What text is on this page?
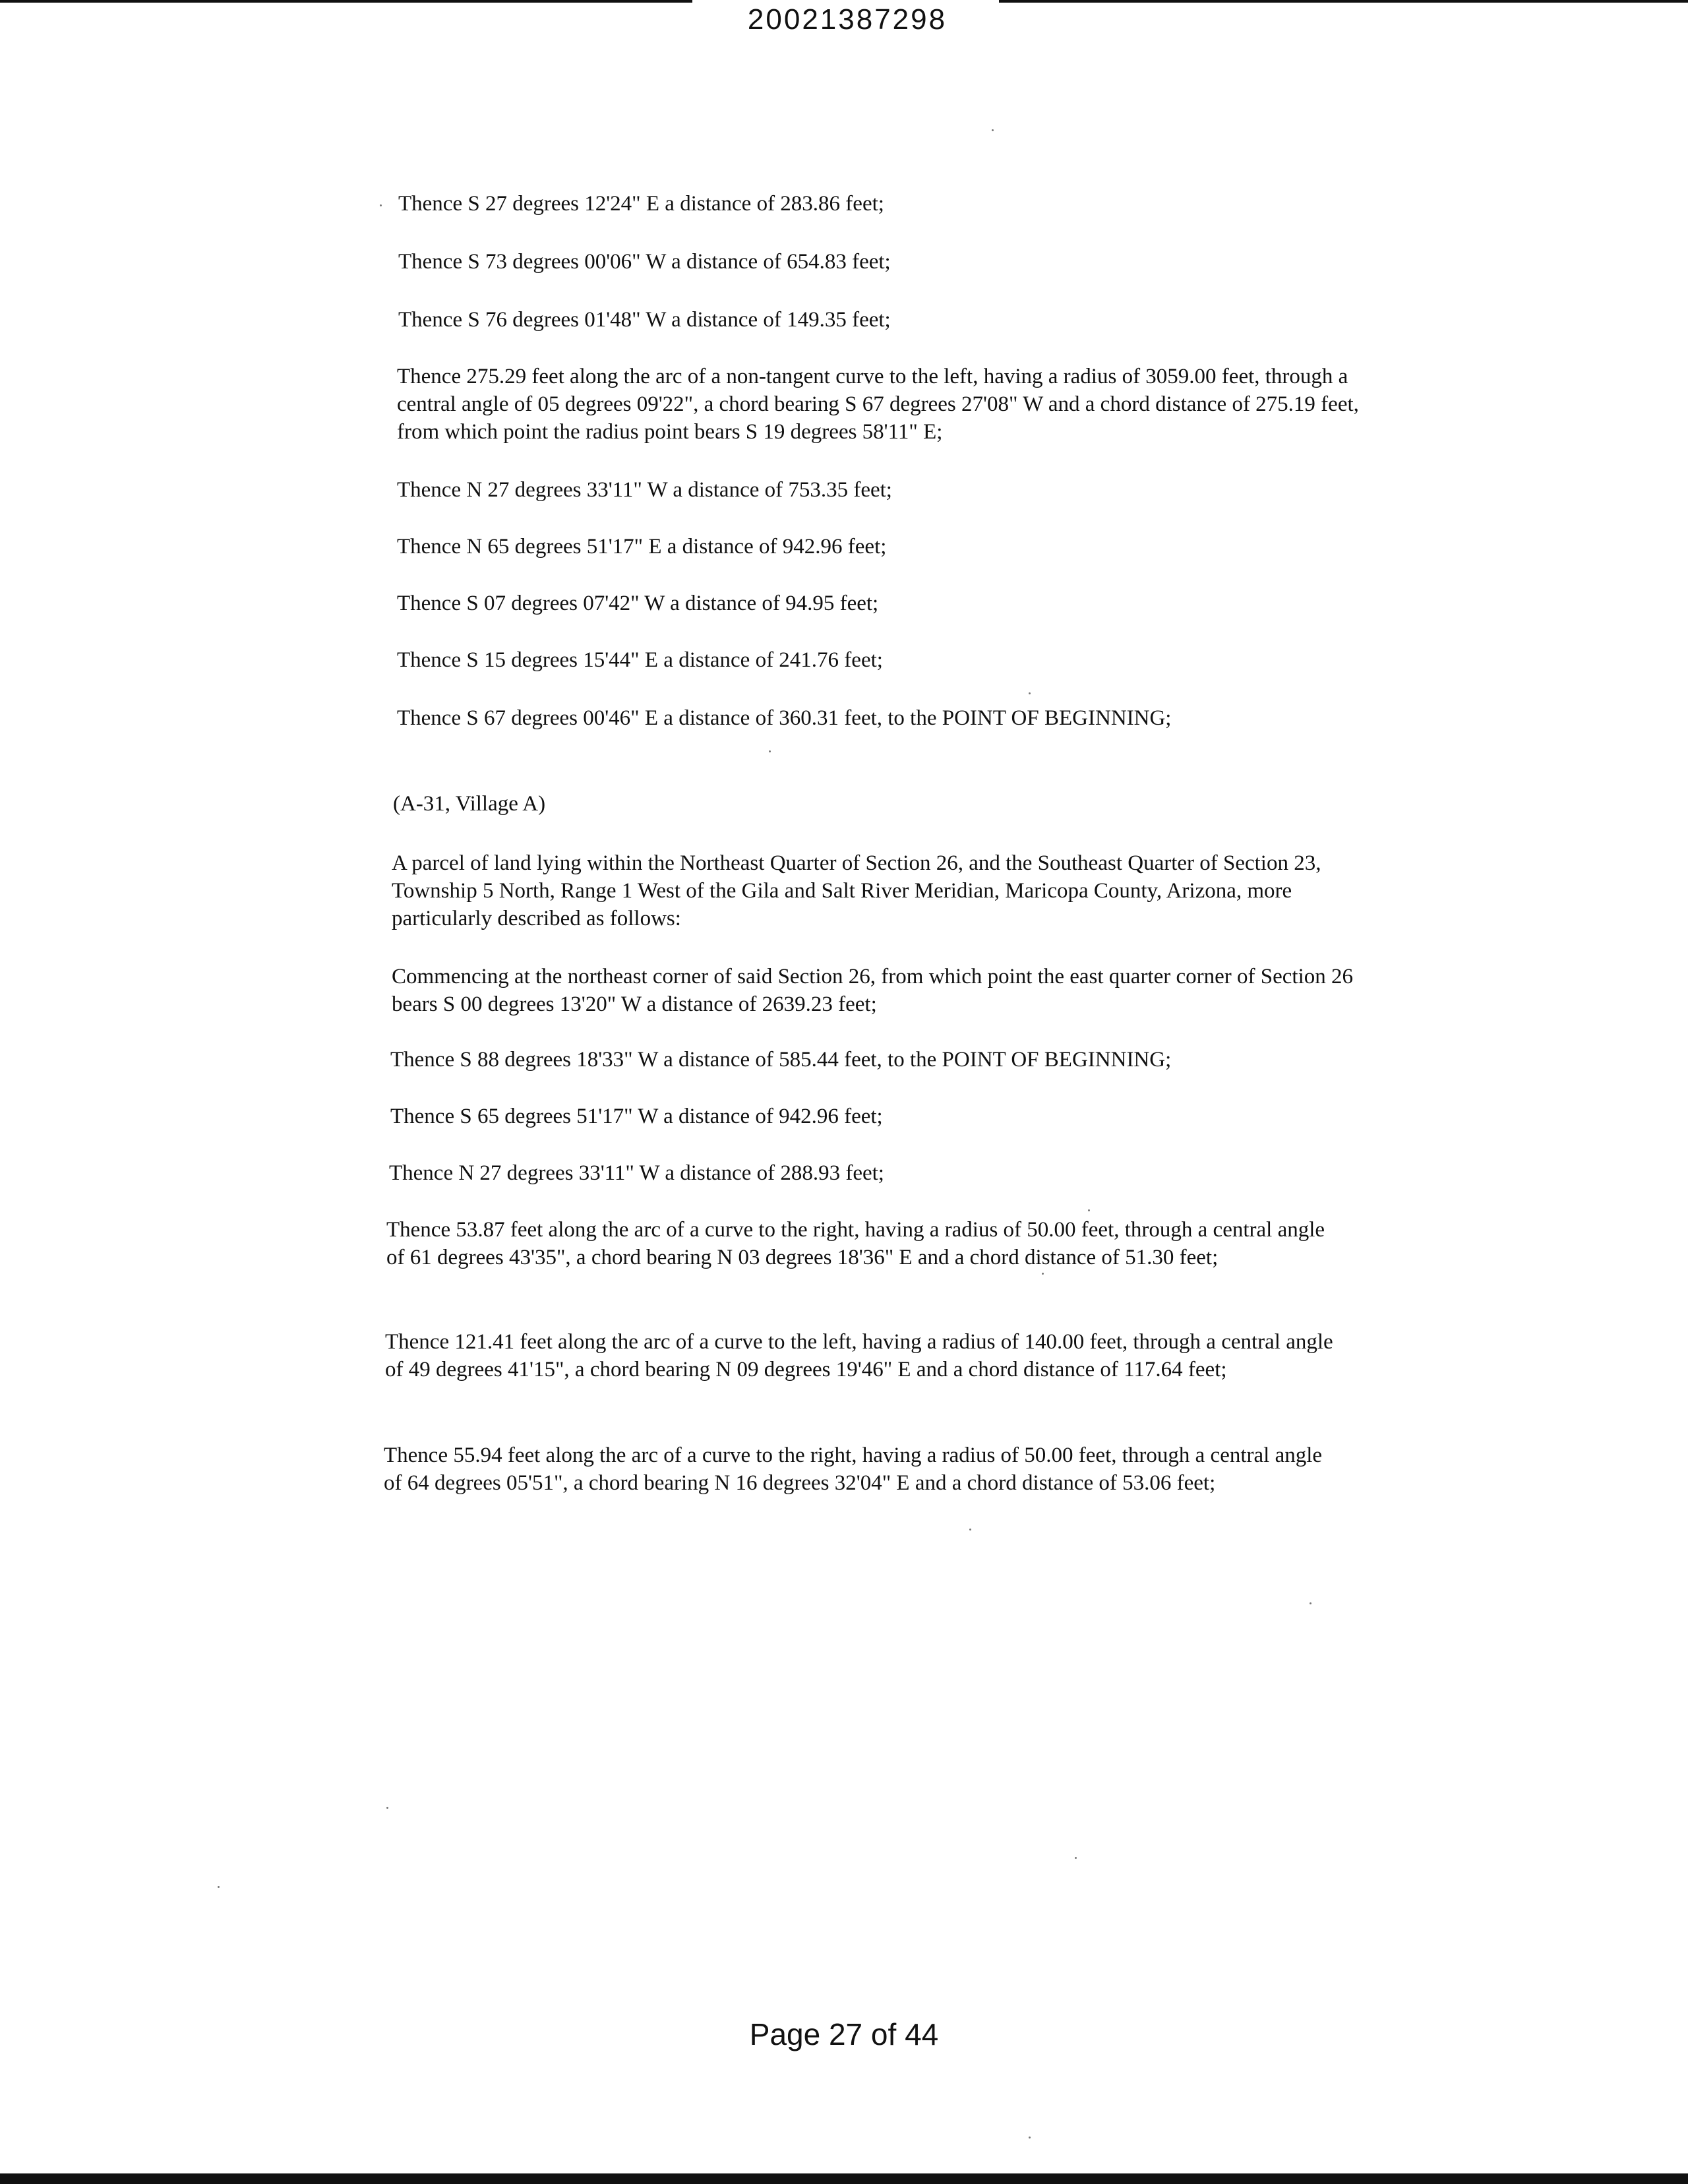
20021387298
Thence S 27 degrees 12'24" E a distance of 283.86 feet;
Thence S 73 degrees 00'06" W a distance of 654.83 feet;
Thence S 76 degrees 01'48" W a distance of 149.35 feet;
Thence 275.29 feet along the arc of a non-tangent curve to the left, having a radius of 3059.00 feet, through a central angle of 05 degrees 09'22", a chord bearing S 67 degrees 27'08" W and a chord distance of 275.19 feet, from which point the radius point bears S 19 degrees 58'11" E;
Thence N 27 degrees 33'11" W a distance of 753.35 feet;
Thence N 65 degrees 51'17" E a distance of 942.96 feet;
Thence S 07 degrees 07'42" W a distance of 94.95 feet;
Thence S 15 degrees 15'44" E a distance of 241.76 feet;
Thence S 67 degrees 00'46" E a distance of 360.31 feet, to the POINT OF BEGINNING;
(A-31, Village A)
A parcel of land lying within the Northeast Quarter of Section 26, and the Southeast Quarter of Section 23, Township 5 North, Range 1 West of the Gila and Salt River Meridian, Maricopa County, Arizona, more particularly described as follows:
Commencing at the northeast corner of said Section 26, from which point the east quarter corner of Section 26 bears S 00 degrees 13'20" W a distance of 2639.23 feet;
Thence S 88 degrees 18'33" W a distance of 585.44 feet, to the POINT OF BEGINNING;
Thence S 65 degrees 51'17" W a distance of 942.96 feet;
Thence N 27 degrees 33'11" W a distance of 288.93 feet;
Thence 53.87 feet along the arc of a curve to the right, having a radius of 50.00 feet, through a central angle of 61 degrees 43'35", a chord bearing N 03 degrees 18'36" E and a chord distance of 51.30 feet;
Thence 121.41 feet along the arc of a curve to the left, having a radius of 140.00 feet, through a central angle of 49 degrees 41'15", a chord bearing N 09 degrees 19'46" E and a chord distance of 117.64 feet;
Thence 55.94 feet along the arc of a curve to the right, having a radius of 50.00 feet, through a central angle of 64 degrees 05'51", a chord bearing N 16 degrees 32'04" E and a chord distance of 53.06 feet;
Page 27 of 44
